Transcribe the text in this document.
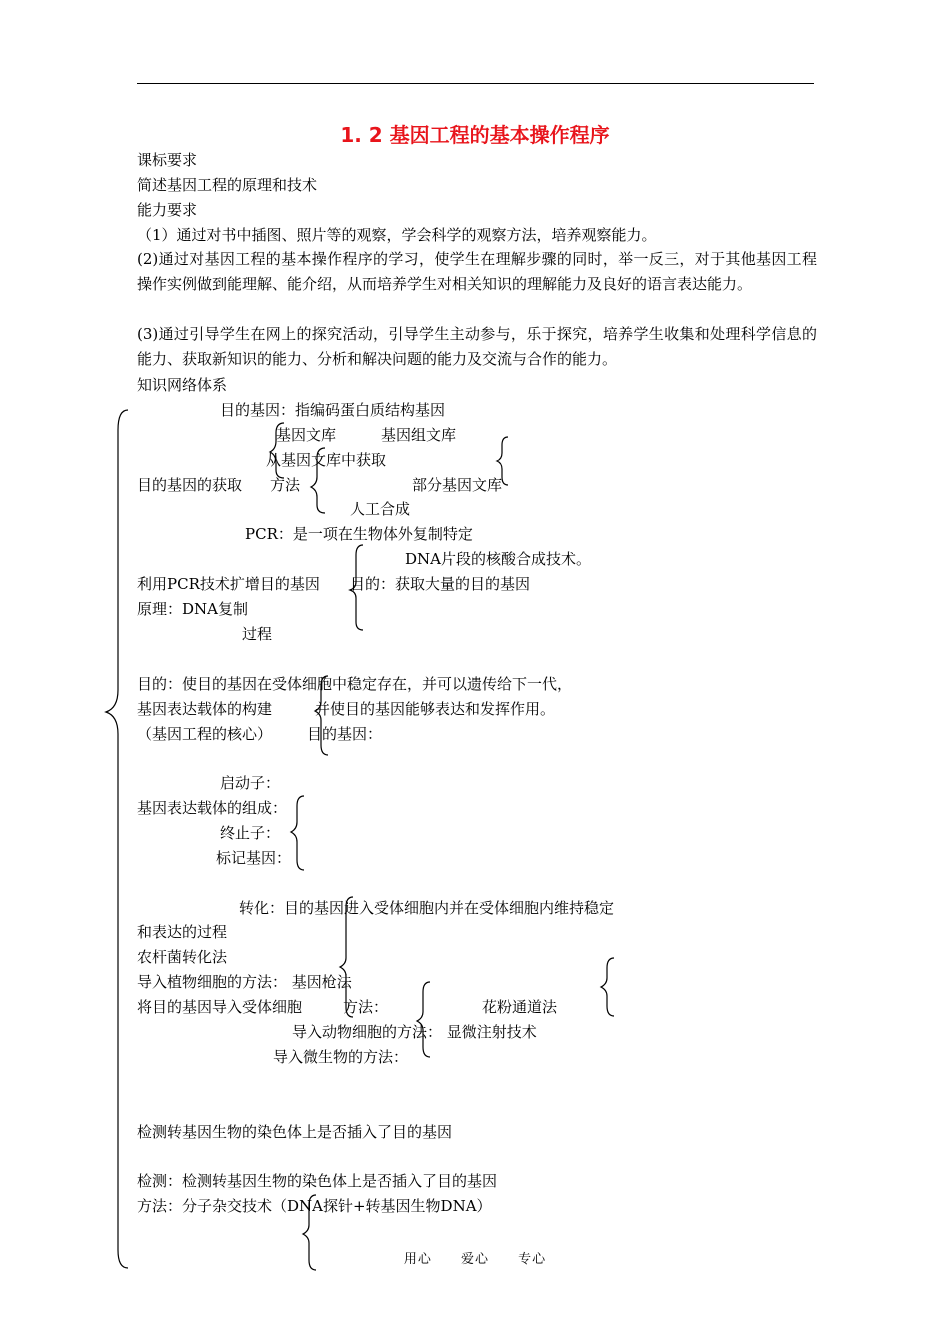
1. 2 基因工程的基本操作程序
课标要求
简述基因工程的原理和技术
能力要求
（1）通过对书中插图、照片等的观察，学会科学的观察方法，培养观察能力。
(2)通过对基因工程的基本操作程序的学习，使学生在理解步骤的同时，举一反三，对于其他基因工程操作实例做到能理解、能介绍，从而培养学生对相关知识的理解能力及良好的语言表达能力。
(3)通过引导学生在网上的探究活动，引导学生主动参与，乐于探究，培养学生收集和处理科学信息的能力、获取新知识的能力、分析和解决问题的能力及交流与合作的能力。
知识网络体系
目的基因：指编码蛋白质结构基因
基因文库	基因组文库
从基因文库中获取
目的基因的获取 方法	部分基因文库
人工合成
PCR：是一项在生物体外复制特定
DNA片段的核酸合成技术。
利用PCR技术扩增目的基因 目的：获取大量的目的基因
原理：DNA复制
过程
目的：使目的基因在受体细胞中稳定存在，并可以遗传给下一代，
基因表达载体的构建	并使目的基因能够表达和发挥作用。
（基因工程的核心） 目的基因：
启动子：
基因表达载体的组成：
终止子：
标记基因：
转化：目的基因进入受体细胞内并在受体细胞内维持稳定
和表达的过程
农杆菌转化法
导入植物细胞的方法： 基因枪法
将目的基因导入受体细胞	方法：	花粉通道法
导入动物细胞的方法： 显微注射技术
导入微生物的方法：
检测转基因生物的染色体上是否插入了目的基因
检测：检测转基因生物的染色体上是否插入了目的基因
方法：分子杂交技术（DNA探针+转基因生物DNA）
用心 爱心 专心
